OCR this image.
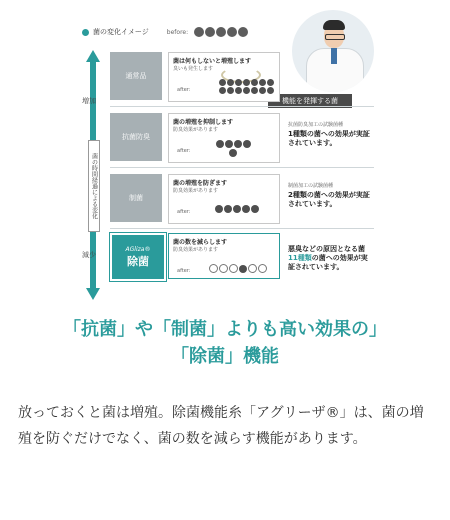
菌の変化イメージ	before:
機能を発揮する菌
増加
菌の時間経過による変化
減少
通常品
菌は何もしないと増殖します
臭いも発生します
after:
抗菌防臭
菌の増殖を抑制します
防臭効果があります
after:
抗菌防臭加工の試験菌種
1種類の菌への効果が実証されています。
制菌
菌の増殖を防ぎます
防臭効果があります
after:
制菌加工の試験菌種
2種類の菌への効果が実証されています。
AGliza®
除菌
菌の数を減らします
防臭効果があります
after:
悪臭などの原因となる菌
11種類の菌への効果が実証されています。
「抗菌」や「制菌」よりも高い効果の」
「除菌」機能
放っておくと菌は増殖。除菌機能糸「アグリーザ®」は、菌の増殖を防ぐだけでなく、菌の数を減らす機能があります。
